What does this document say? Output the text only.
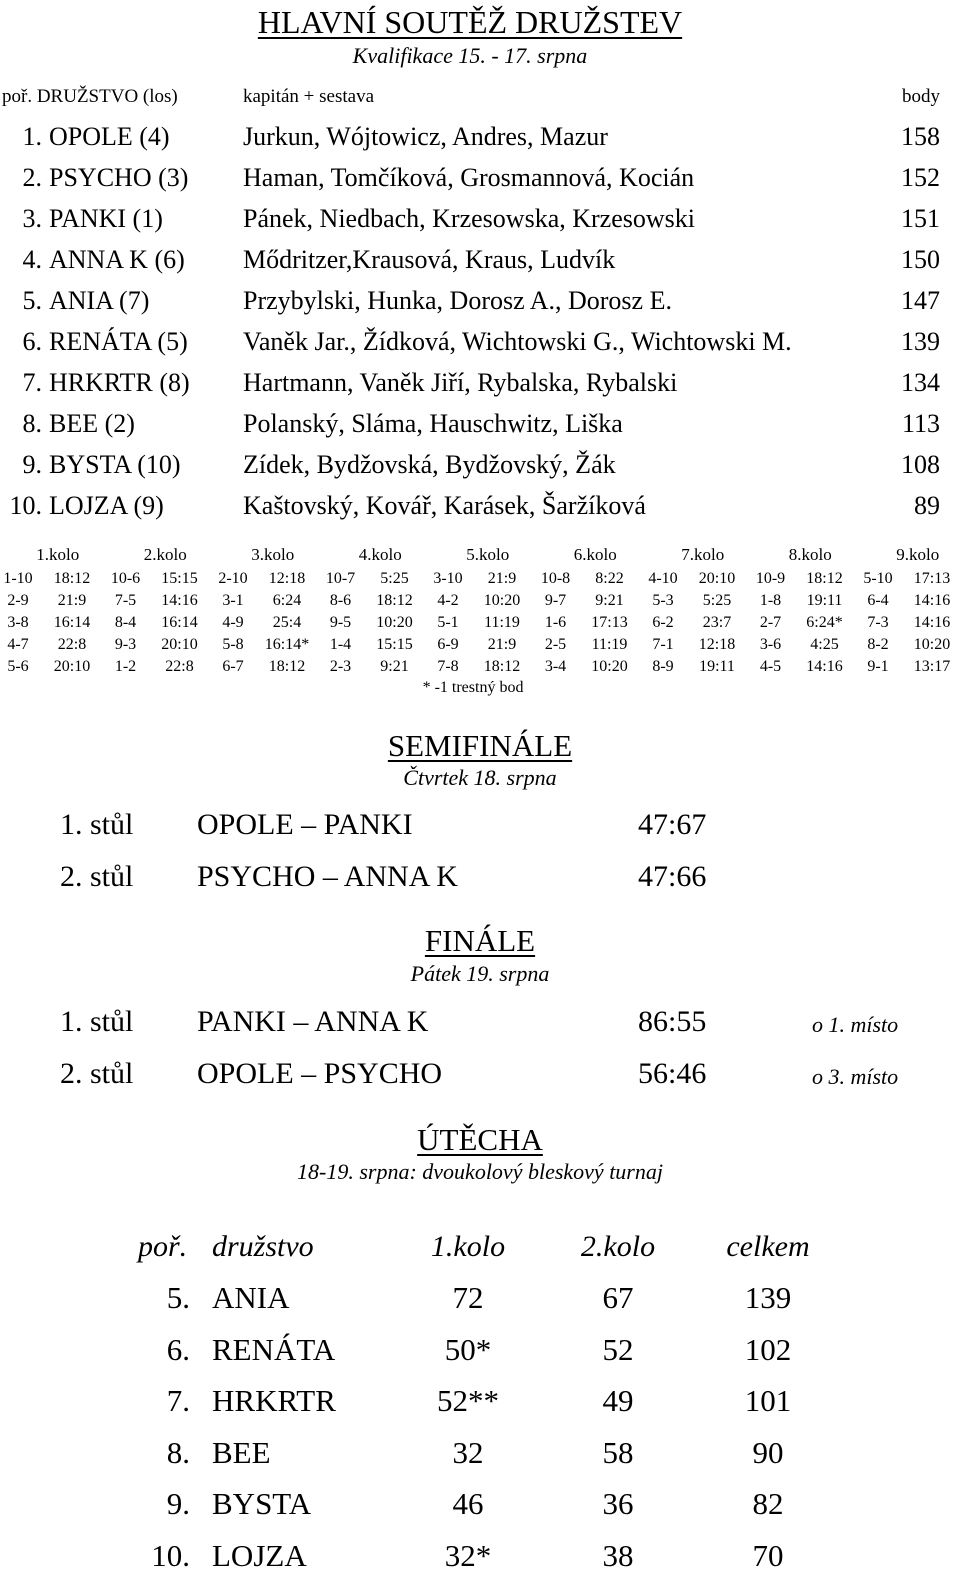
HLAVNÍ SOUTĚŽ DRUŽSTEV
Kvalifikace 15. - 17. srpna
poř. DRUŽSTVO (los)	kapitán + sestava	body
1. OPOLE (4)	Jurkun, Wójtowicz, Andres, Mazur	158
2. PSYCHO (3) Haman, Tomčíková, Grosmannová, Kocián	152
3. PANKI (1)	Pánek, Niedbach, Krzesowska, Krzesowski	151
4. ANNA K (6) Mődritzer,Krausová, Kraus, Ludvík	150
5. ANIA (7)	Przybylski, Hunka, Dorosz A., Dorosz E.	147
6. RENÁTA (5) Vaněk Jar., Žídková, Wichtowski G., Wichtowski M.	139
7. HRKRTR (8) Hartmann, Vaněk Jiří, Rybalska, Rybalski	134
8. BEE (2)	Polanský, Sláma, Hauschwitz, Liška	113
9. BYSTA (10) Zídek, Bydžovská, Bydžovský, Žák	108
10. LOJZA (9)	Kaštovský, Kovář, Karásek, Šaržíková	89
1.kolo	2.kolo	3.kolo	4.kolo	5.kolo	6.kolo	7.kolo	8.kolo	9.kolo
1-10	18:12	10-6	15:15	2-10	12:18	10-7	5:25	3-10	21:9	10-8	8:22	4-10	20:10	10-9	18:12	5-10	17:13
2-9	21:9	7-5	14:16	3-1	6:24	8-6	18:12	4-2	10:20	9-7	9:21	5-3	5:25	1-8	19:11	6-4	14:16
3-8	16:14	8-4	16:14	4-9	25:4	9-5	10:20	5-1	11:19	1-6	17:13	6-2	23:7	2-7	6:24*	7-3	14:16
4-7	22:8	9-3	20:10	5-8	16:14*	1-4	15:15	6-9	21:9	2-5	11:19	7-1	12:18	3-6	4:25	8-2	10:20
5-6	20:10	1-2	22:8	6-7	18:12	2-3	9:21	7-8	18:12	3-4	10:20	8-9	19:11	4-5	14:16	9-1	13:17
* -1 trestný bod
SEMIFINÁLE
Čtvrtek 18. srpna
1. stůl OPOLE – PANKI	47:67
2. stůl PSYCHO – ANNA K	47:66
FINÁLE
Pátek 19. srpna
1. stůl PANKI – ANNA K	86:55	o 1. místo
2. stůl OPOLE – PSYCHO	56:46	o 3. místo
ÚTĚCHA
18-19. srpna: dvoukolový bleskový turnaj
poř. družstvo	1.kolo	2.kolo	celkem
5. ANIA	72	67	139
6. RENÁTA	50*	52	102
7. HRKRTR	52**	49	101
8. BEE	32	58	90
9. BYSTA	46	36	82
10. LOJZA	32*	38	70
